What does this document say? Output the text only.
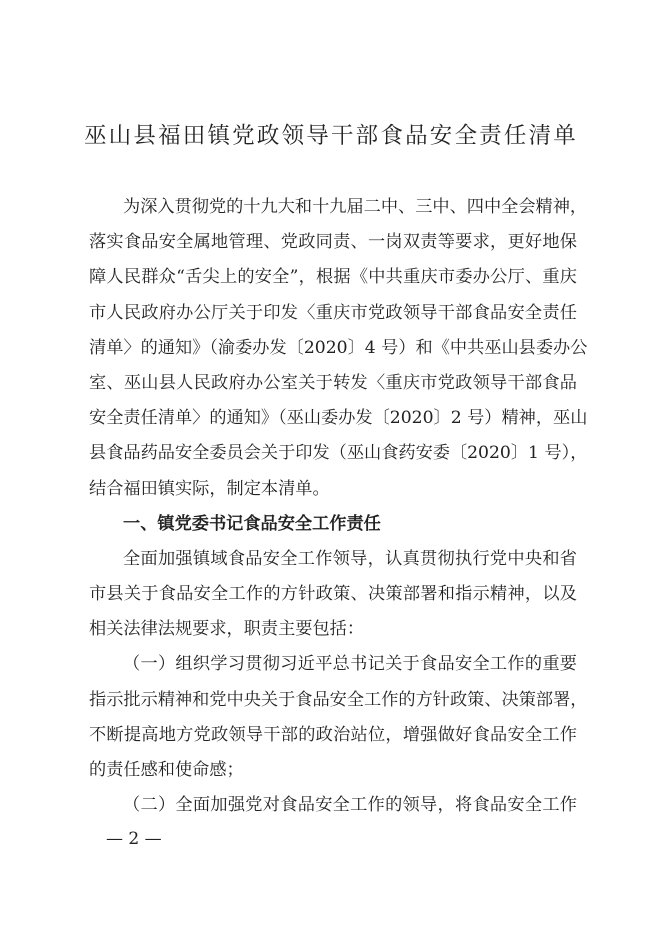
巫山县福田镇党政领导干部食品安全责任清单
为深入贯彻党的十九大和十九届二中、三中、四中全会精神，
落实食品安全属地管理、党政同责、一岗双责等要求，更好地保
障人民群众“舌尖上的安全”，根据《中共重庆市委办公厅、重庆
市人民政府办公厅关于印发〈重庆市党政领导干部食品安全责任
清单〉的通知》（渝委办发〔2020〕4 号）和《中共巫山县委办公
室、巫山县人民政府办公室关于转发〈重庆市党政领导干部食品
安全责任清单〉的通知》（巫山委办发〔2020〕2 号）精神，巫山
县食品药品安全委员会关于印发（巫山食药安委〔2020〕1 号），
结合福田镇实际，制定本清单。
一、镇党委书记食品安全工作责任
全面加强镇域食品安全工作领导，认真贯彻执行党中央和省
市县关于食品安全工作的方针政策、决策部署和指示精神，以及
相关法律法规要求，职责主要包括：
（一）组织学习贯彻习近平总书记关于食品安全工作的重要
指示批示精神和党中央关于食品安全工作的方针政策、决策部署，
不断提高地方党政领导干部的政治站位，增强做好食品安全工作
的责任感和使命感；
（二）全面加强党对食品安全工作的领导，将食品安全工作
— 2 —
